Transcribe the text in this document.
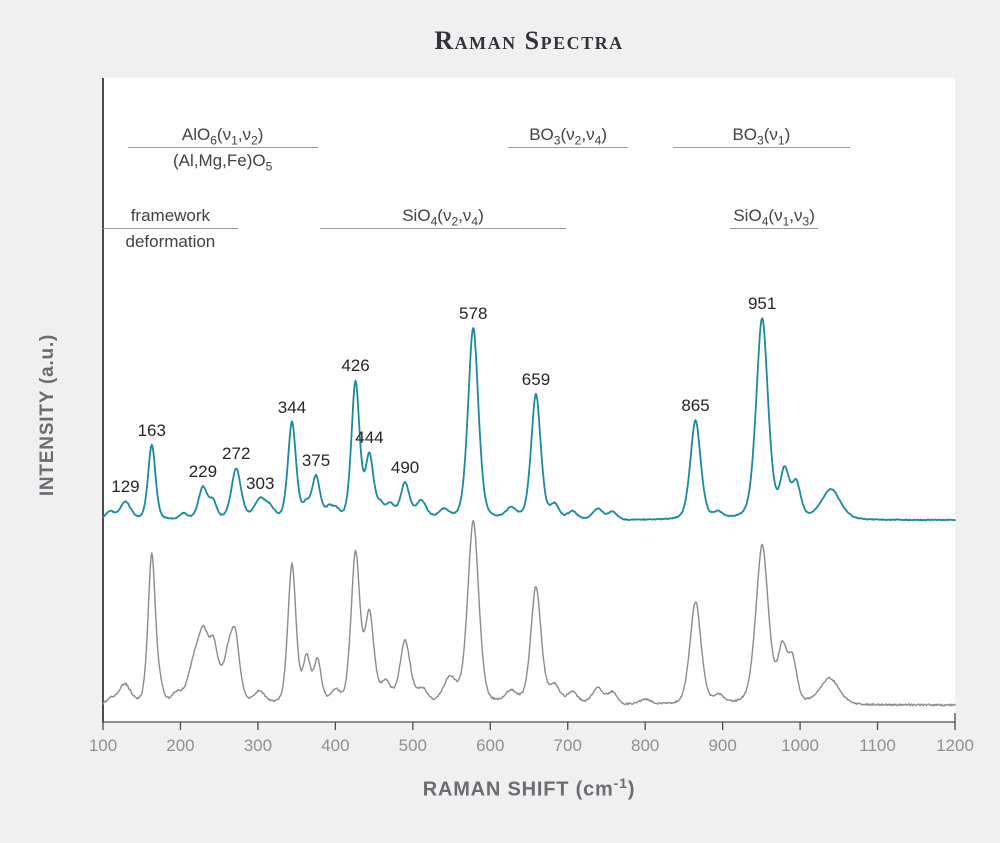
Raman Spectra
RAMAN SHIFT $(cm^{-1})$
INTENSITY (a.u.)
100	200	300	400	500	600	700	800	900	1000	1100	1200
129
163
229
272
303
344
375
426
444
490
578
659
865
951
$AlO_6(\nu_1,\nu_2)$
$(Al,Mg,Fe)O_5$
$BO_3(\nu_2,\nu_4)$	$BO_3(\nu_1)$
framework
deformation
$SiO_4(\nu_2,\nu_4)$	$SiO_4(\nu_1,\nu_3)$
